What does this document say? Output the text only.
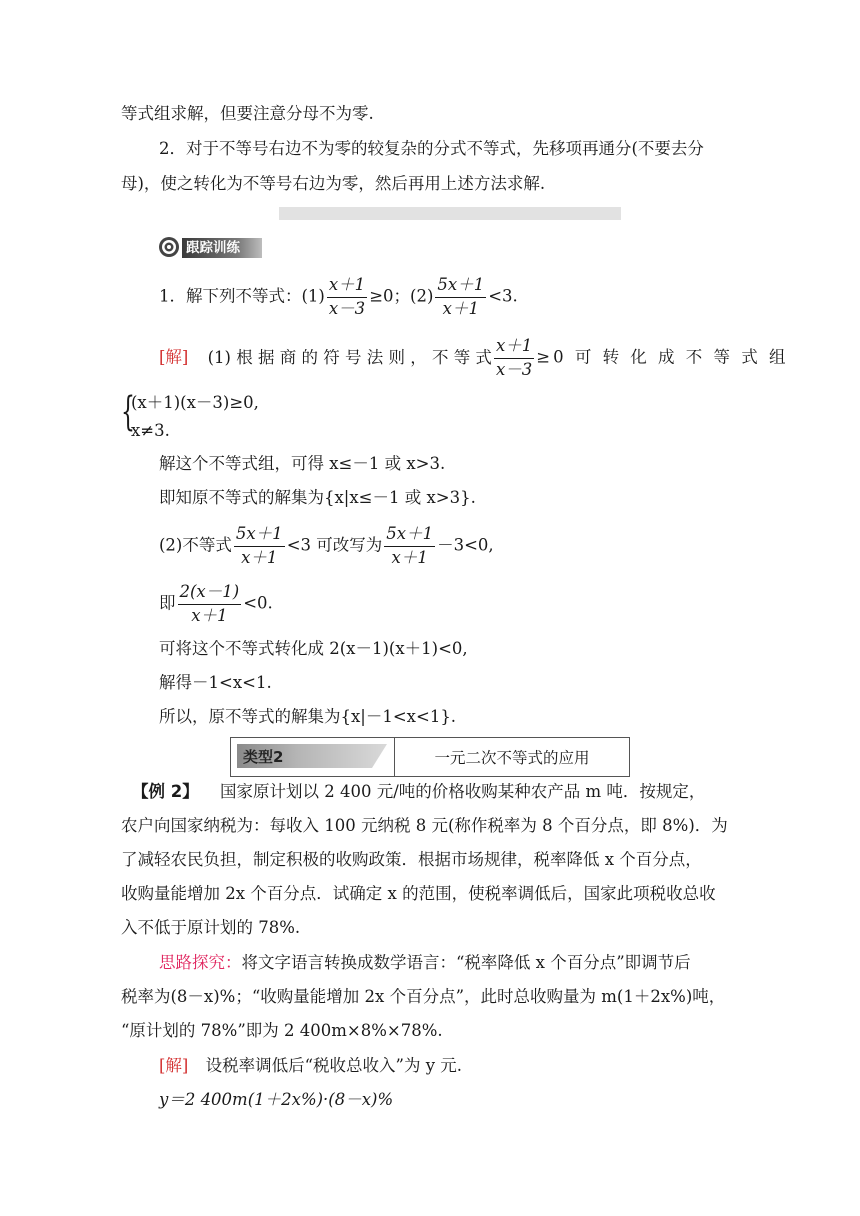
等式组求解，但要注意分母不为零.
2．对于不等号右边不为零的较复杂的分式不等式，先移项再通分(不要去分
母)，使之转化为不等号右边为零，然后再用上述方法求解.
跟踪训练
1．解下列不等式：$(1) \frac{x+1}{x-3} \ge 0$；$(2) \frac{5x+1}{x+1} <3$.
[解] (1) 根 据 商 的 符 号 法 则 ， 不 等 式 $\frac{x+1}{x-3} \ge 0$ 可 转 化 成 不 等 式 组
{
(x＋1)(x－3)≥0,
x≠3.
解这个不等式组，可得 x≤－1 或 x>3.
即知原不等式的解集为{x|x≤－1 或 x>3}.
(2)不等式 $\frac{5x+1}{x+1} <3$ 可改写为 $\frac{5x+1}{x+1} -3<0$,
即 $\frac{2(x-1)}{x+1} <0$.
可将这个不等式转化成 2(x－1)(x＋1)<0,
解得－1<x<1.
所以，原不等式的解集为{x|－1<x<1}.
类型2	一元二次不等式的应用
【例 2】 国家原计划以 2 400 元/吨的价格收购某种农产品 m 吨．按规定，
农户向国家纳税为：每收入 100 元纳税 8 元(称作税率为 8 个百分点，即 8%)．为
了减轻农民负担，制定积极的收购政策．根据市场规律，税率降低 x 个百分点，
收购量能增加 2x 个百分点．试确定 x 的范围，使税率调低后，国家此项税收总收
入不低于原计划的 78%.
思路探究：将文字语言转换成数学语言：“税率降低 x 个百分点”即调节后
税率为(8－x)%；“收购量能增加 2x 个百分点”，此时总收购量为 m(1＋2x%)吨，
“原计划的 78%”即为 2 400m×8%×78%.
[解] 设税率调低后“税收总收入”为 y 元.
y＝2 400m(1＋2x%)·(8－x)%
